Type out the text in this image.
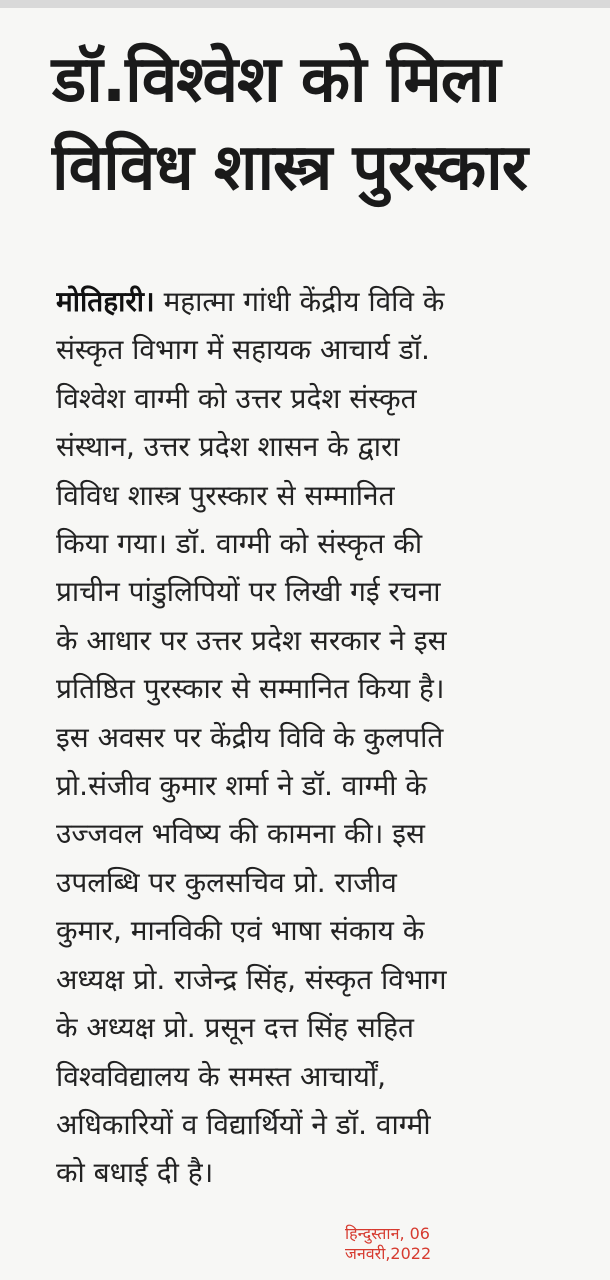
डॉ.विश्वेश को मिला
विविध शास्त्र पुरस्कार
मोतिहारी। महात्मा गांधी केंद्रीय विवि के
संस्कृत विभाग में सहायक आचार्य डॉ.
विश्वेश वाग्मी को उत्तर प्रदेश संस्कृत
संस्थान, उत्तर प्रदेश शासन के द्वारा
विविध शास्त्र पुरस्कार से सम्मानित
किया गया। डॉ. वाग्मी को संस्कृत की
प्राचीन पांडुलिपियों पर लिखी गई रचना
के आधार पर उत्तर प्रदेश सरकार ने इस
प्रतिष्ठित पुरस्कार से सम्मानित किया है।
इस अवसर पर केंद्रीय विवि के कुलपति
प्रो.संजीव कुमार शर्मा ने डॉ. वाग्मी के
उज्जवल भविष्य की कामना की। इस
उपलब्धि पर कुलसचिव प्रो. राजीव
कुमार, मानविकी एवं भाषा संकाय के
अध्यक्ष प्रो. राजेन्द्र सिंह, संस्कृत विभाग
के अध्यक्ष प्रो. प्रसून दत्त सिंह सहित
विश्वविद्यालय के समस्त आचार्यों,
अधिकारियों व विद्यार्थियों ने डॉ. वाग्मी
को बधाई दी है।
हिन्दुस्तान, 06
जनवरी,2022
